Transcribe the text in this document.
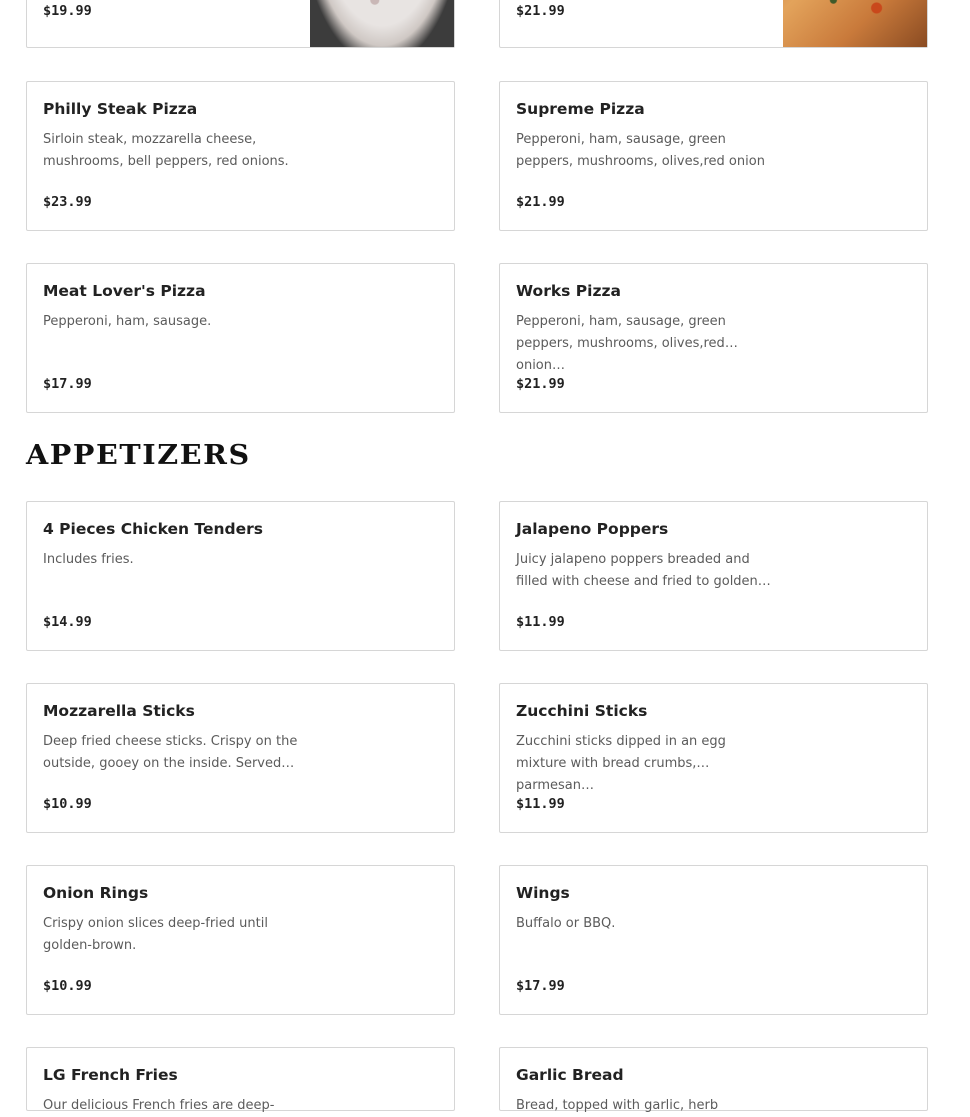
$19.99	$21.99
Philly Steak Pizza
Sirloin steak, mozzarella cheese, mushrooms, bell peppers, red onions.
$23.99
Supreme Pizza
Pepperoni, ham, sausage, green peppers, mushrooms, olives,red onion
$21.99
Meat Lover's Pizza
Pepperoni, ham, sausage.
$17.99
Works Pizza
Pepperoni, ham, sausage, green peppers, mushrooms, olives,red onion…
$21.99
APPETIZERS
4 Pieces Chicken Tenders
Includes fries.
$14.99
Jalapeno Poppers
Juicy jalapeno poppers breaded and filled with cheese and fried to golden…
$11.99
Mozzarella Sticks
Deep fried cheese sticks. Crispy on the outside, gooey on the inside. Served…
$10.99
Zucchini Sticks
Zucchini sticks dipped in an egg mixture with bread crumbs, parmesan…
$11.99
Onion Rings
Crispy onion slices deep-fried until golden-brown.
$10.99
Wings
Buffalo or BBQ.
$17.99
LG French Fries
Our delicious French fries are deep-
Garlic Bread
Bread, topped with garlic, herb
